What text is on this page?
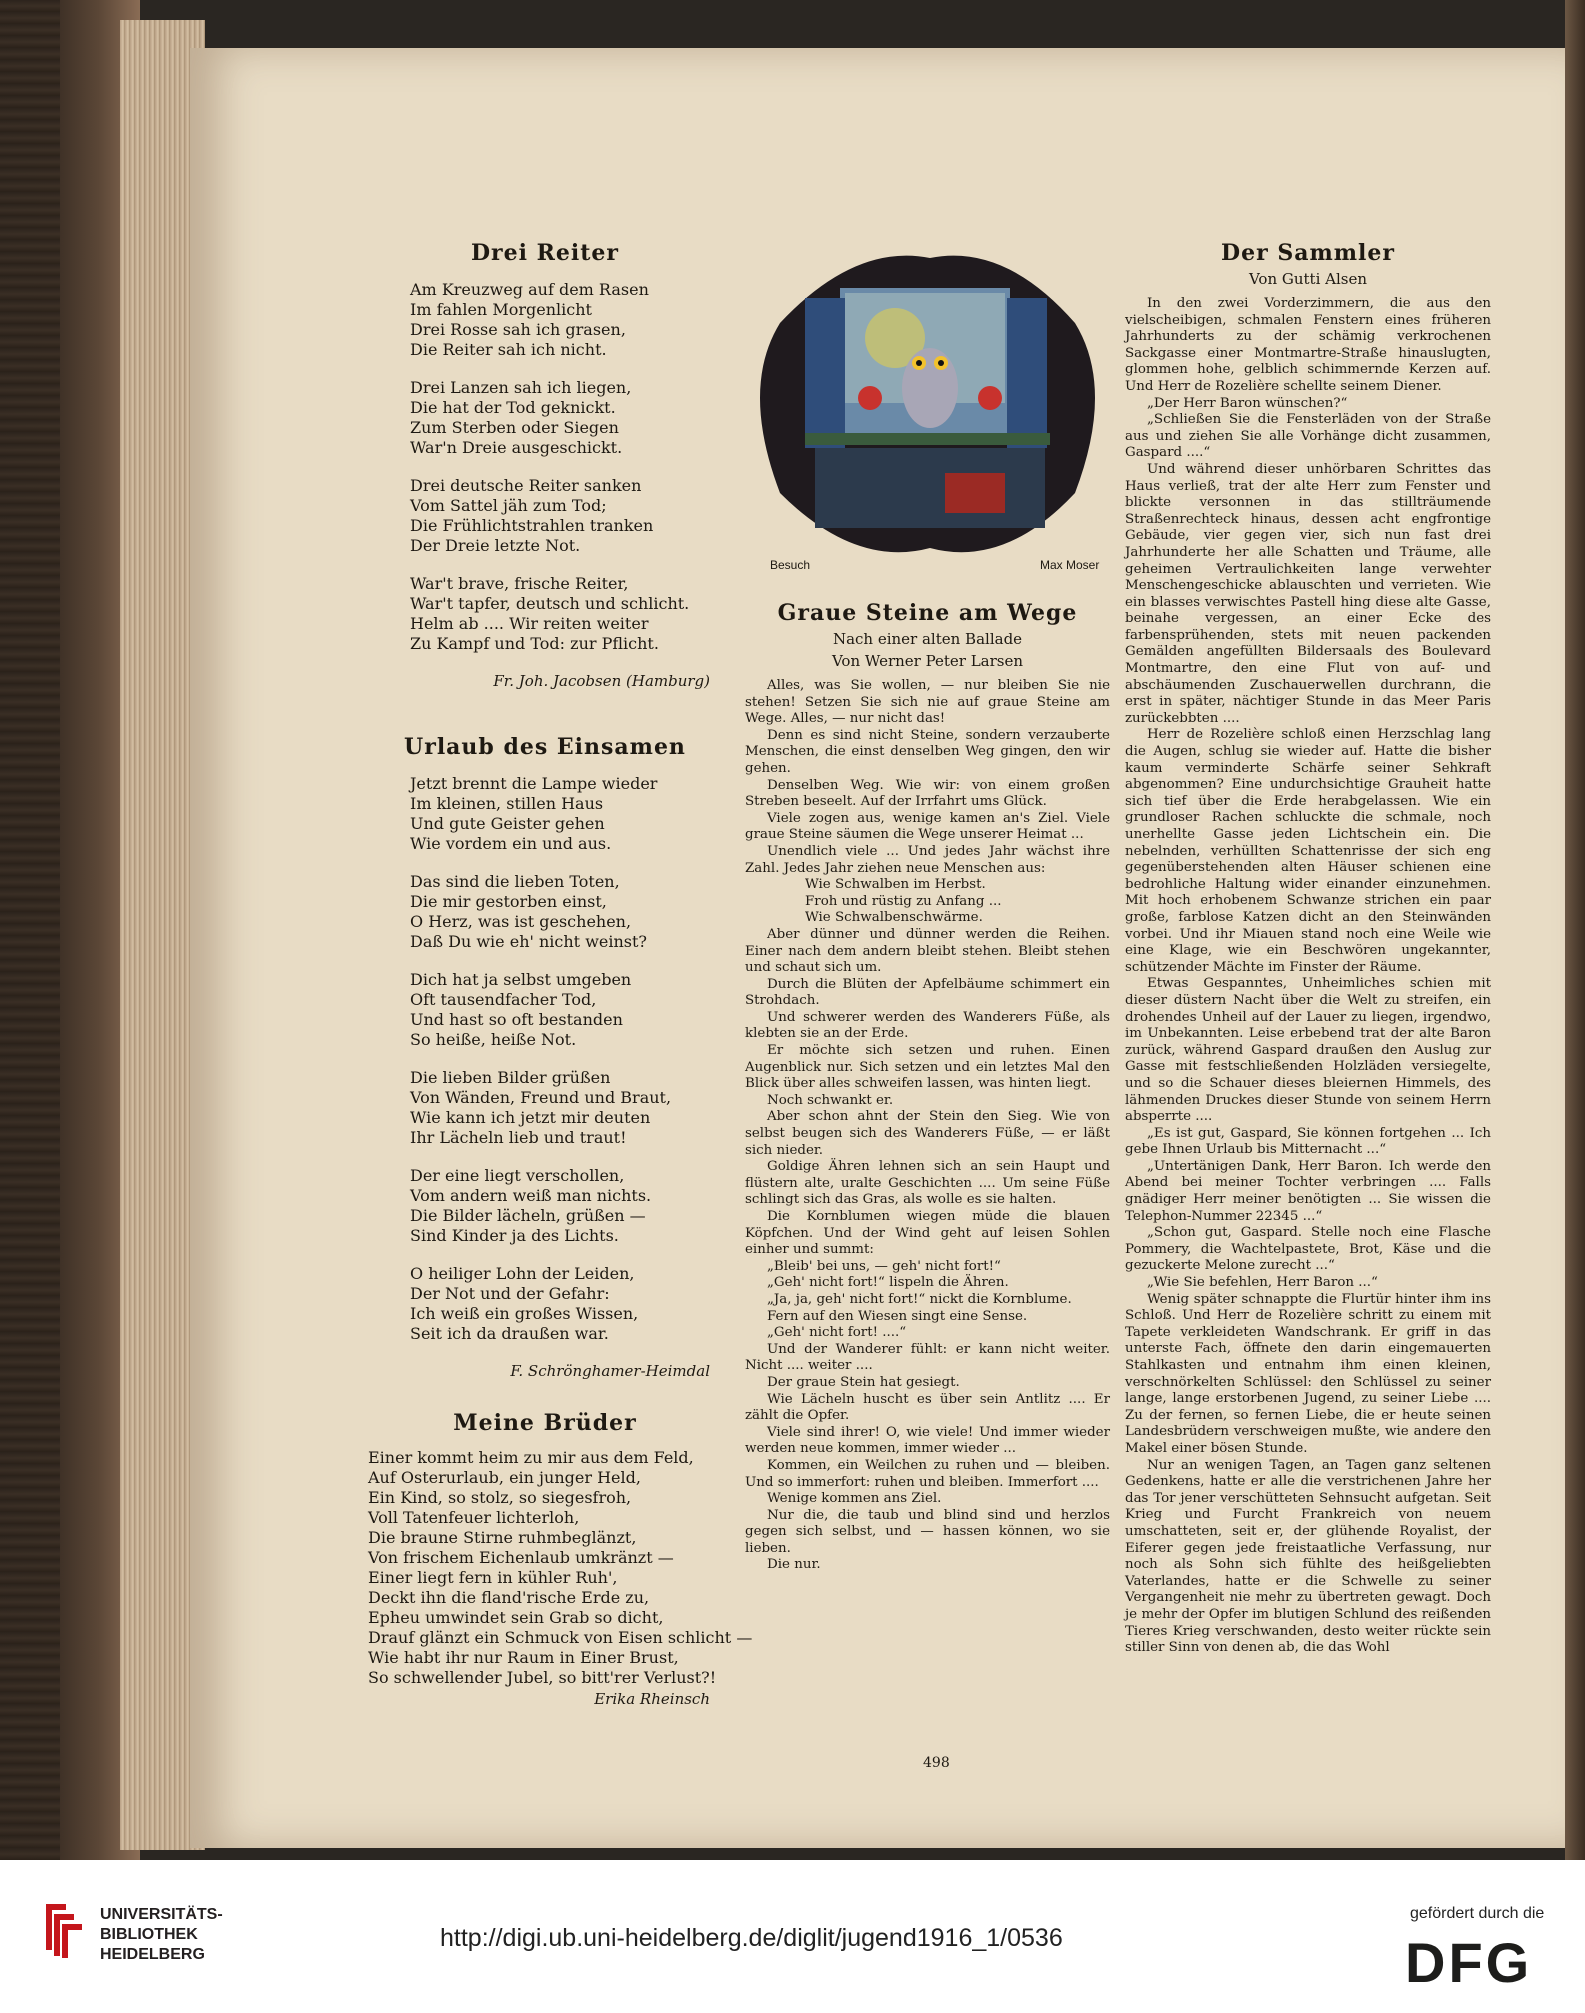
Drei Reiter
Am Kreuzweg auf dem Rasen
Im fahlen Morgenlicht
Drei Rosse sah ich grasen,
Die Reiter sah ich nicht.
Drei Lanzen sah ich liegen,
Die hat der Tod geknickt.
Zum Sterben oder Siegen
War'n Dreie ausgeschickt.
Drei deutsche Reiter sanken
Vom Sattel jäh zum Tod;
Die Frühlichtstrahlen tranken
Der Dreie letzte Not.
War't brave, frische Reiter,
War't tapfer, deutsch und schlicht.
Helm ab .... Wir reiten weiter
Zu Kampf und Tod: zur Pflicht.
Fr. Joh. Jacobsen (Hamburg)
Urlaub des Einsamen
Jetzt brennt die Lampe wieder
Im kleinen, stillen Haus
Und gute Geister gehen
Wie vordem ein und aus.
Das sind die lieben Toten,
Die mir gestorben einst,
O Herz, was ist geschehen,
Daß Du wie eh' nicht weinst?
Dich hat ja selbst umgeben
Oft tausendfacher Tod,
Und hast so oft bestanden
So heiße, heiße Not.
Die lieben Bilder grüßen
Von Wänden, Freund und Braut,
Wie kann ich jetzt mir deuten
Ihr Lächeln lieb und traut!
Der eine liegt verschollen,
Vom andern weiß man nichts.
Die Bilder lächeln, grüßen —
Sind Kinder ja des Lichts.
O heiliger Lohn der Leiden,
Der Not und der Gefahr:
Ich weiß ein großes Wissen,
Seit ich da draußen war.
F. Schrönghamer-Heimdal
Meine Brüder
Einer kommt heim zu mir aus dem Feld,
Auf Osterurlaub, ein junger Held,
Ein Kind, so stolz, so siegesfroh,
Voll Tatenfeuer lichterloh,
Die braune Stirne ruhmbeglänzt,
Von frischem Eichenlaub umkränzt —
Einer liegt fern in kühler Ruh',
Deckt ihn die fland'rische Erde zu,
Epheu umwindet sein Grab so dicht,
Drauf glänzt ein Schmuck von Eisen schlicht —
Wie habt ihr nur Raum in Einer Brust,
So schwellender Jubel, so bitt'rer Verlust?!
Erika Rheinsch
Besuch	Max Moser
Graue Steine am Wege
Nach einer alten Ballade
Von Werner Peter Larsen
Alles, was Sie wollen, — nur bleiben Sie nie stehen! Setzen Sie sich nie auf graue Steine am Wege. Alles, — nur nicht das!
Denn es sind nicht Steine, sondern verzauberte Menschen, die einst denselben Weg gingen, den wir gehen.
Denselben Weg. Wie wir: von einem großen Streben beseelt. Auf der Irrfahrt ums Glück.
Viele zogen aus, wenige kamen an's Ziel. Viele graue Steine säumen die Wege unserer Heimat ...
Unendlich viele ... Und jedes Jahr wächst ihre Zahl. Jedes Jahr ziehen neue Menschen aus:
Wie Schwalben im Herbst.
Froh und rüstig zu Anfang ...
Wie Schwalbenschwärme.
Aber dünner und dünner werden die Reihen. Einer nach dem andern bleibt stehen. Bleibt stehen und schaut sich um.
Durch die Blüten der Apfelbäume schimmert ein Strohdach.
Und schwerer werden des Wanderers Füße, als klebten sie an der Erde.
Er möchte sich setzen und ruhen. Einen Augenblick nur. Sich setzen und ein letztes Mal den Blick über alles schweifen lassen, was hinten liegt.
Noch schwankt er.
Aber schon ahnt der Stein den Sieg. Wie von selbst beugen sich des Wanderers Füße, — er läßt sich nieder.
Goldige Ähren lehnen sich an sein Haupt und flüstern alte, uralte Geschichten .... Um seine Füße schlingt sich das Gras, als wolle es sie halten.
Die Kornblumen wiegen müde die blauen Köpfchen. Und der Wind geht auf leisen Sohlen einher und summt:
„Bleib' bei uns, — geh' nicht fort!“
„Geh' nicht fort!“ lispeln die Ähren.
„Ja, ja, geh' nicht fort!“ nickt die Kornblume.
Fern auf den Wiesen singt eine Sense.
„Geh' nicht fort! ....“
Und der Wanderer fühlt: er kann nicht weiter. Nicht .... weiter ....
Der graue Stein hat gesiegt.
Wie Lächeln huscht es über sein Antlitz .... Er zählt die Opfer.
Viele sind ihrer! O, wie viele! Und immer wieder werden neue kommen, immer wieder ...
Kommen, ein Weilchen zu ruhen und — bleiben. Und so immerfort: ruhen und bleiben. Immerfort ....
Wenige kommen ans Ziel.
Nur die, die taub und blind sind und herzlos gegen sich selbst, und — hassen können, wo sie lieben.
Die nur.
Der Sammler
Von Gutti Alsen
In den zwei Vorderzimmern, die aus den vielscheibigen, schmalen Fenstern eines früheren Jahrhunderts zu der schämig verkrochenen Sackgasse einer Montmartre-Straße hinauslugten, glommen hohe, gelblich schimmernde Kerzen auf. Und Herr de Rozelière schellte seinem Diener.
„Der Herr Baron wünschen?“
„Schließen Sie die Fensterläden von der Straße aus und ziehen Sie alle Vorhänge dicht zusammen, Gaspard ....“
Und während dieser unhörbaren Schrittes das Haus verließ, trat der alte Herr zum Fenster und blickte versonnen in das stillträumende Straßenrechteck hinaus, dessen acht engfrontige Gebäude, vier gegen vier, sich nun fast drei Jahrhunderte her alle Schatten und Träume, alle geheimen Vertraulichkeiten lange verwehter Menschengeschicke ablauschten und verrieten. Wie ein blasses verwischtes Pastell hing diese alte Gasse, beinahe vergessen, an einer Ecke des farbensprühenden, stets mit neuen packenden Gemälden angefüllten Bildersaals des Boulevard Montmartre, den eine Flut von auf- und abschäumenden Zuschauerwellen durchrann, die erst in später, nächtiger Stunde in das Meer Paris zurückebbten ....
Herr de Rozelière schloß einen Herzschlag lang die Augen, schlug sie wieder auf. Hatte die bisher kaum verminderte Schärfe seiner Sehkraft abgenommen? Eine undurchsichtige Grauheit hatte sich tief über die Erde herabgelassen. Wie ein grundloser Rachen schluckte die schmale, noch unerhellte Gasse jeden Lichtschein ein. Die nebelnden, verhüllten Schattenrisse der sich eng gegenüberstehenden alten Häuser schienen eine bedrohliche Haltung wider einander einzunehmen. Mit hoch erhobenem Schwanze strichen ein paar große, farblose Katzen dicht an den Steinwänden vorbei. Und ihr Miauen stand noch eine Weile wie eine Klage, wie ein Beschwören ungekannter, schützender Mächte im Finster der Räume.
Etwas Gespanntes, Unheimliches schien mit dieser düstern Nacht über die Welt zu streifen, ein drohendes Unheil auf der Lauer zu liegen, irgendwo, im Unbekannten. Leise erbebend trat der alte Baron zurück, während Gaspard draußen den Auslug zur Gasse mit festschließenden Holzläden versiegelte, und so die Schauer dieses bleiernen Himmels, des lähmenden Druckes dieser Stunde von seinem Herrn absperrte ....
„Es ist gut, Gaspard, Sie können fortgehen ... Ich gebe Ihnen Urlaub bis Mitternacht ...“
„Untertänigen Dank, Herr Baron. Ich werde den Abend bei meiner Tochter verbringen .... Falls gnädiger Herr meiner benötigten ... Sie wissen die Telephon-Nummer 22345 ...“
„Schon gut, Gaspard. Stelle noch eine Flasche Pommery, die Wachtelpastete, Brot, Käse und die gezuckerte Melone zurecht ...“
„Wie Sie befehlen, Herr Baron ...“
Wenig später schnappte die Flurtür hinter ihm ins Schloß. Und Herr de Rozelière schritt zu einem mit Tapete verkleideten Wandschrank. Er griff in das unterste Fach, öffnete den darin eingemauerten Stahlkasten und entnahm ihm einen kleinen, verschnörkelten Schlüssel: den Schlüssel zu seiner lange, lange erstorbenen Jugend, zu seiner Liebe .... Zu der fernen, so fernen Liebe, die er heute seinen Landesbrüdern verschweigen mußte, wie andere den Makel einer bösen Stunde.
Nur an wenigen Tagen, an Tagen ganz seltenen Gedenkens, hatte er alle die verstrichenen Jahre her das Tor jener verschütteten Sehnsucht aufgetan. Seit Krieg und Furcht Frankreich von neuem umschatteten, seit er, der glühende Royalist, der Eiferer gegen jede freistaatliche Verfassung, nur noch als Sohn sich fühlte des heißgeliebten Vaterlandes, hatte er die Schwelle zu seiner Vergangenheit nie mehr zu übertreten gewagt. Doch je mehr der Opfer im blutigen Schlund des reißenden Tieres Krieg verschwanden, desto weiter rückte sein stiller Sinn von denen ab, die das Wohl
498
UNIVERSITÄTS-
BIBLIOTHEK
HEIDELBERG
http://digi.ub.uni-heidelberg.de/diglit/jugend1916_1/0536
gefördert durch die
DFG
